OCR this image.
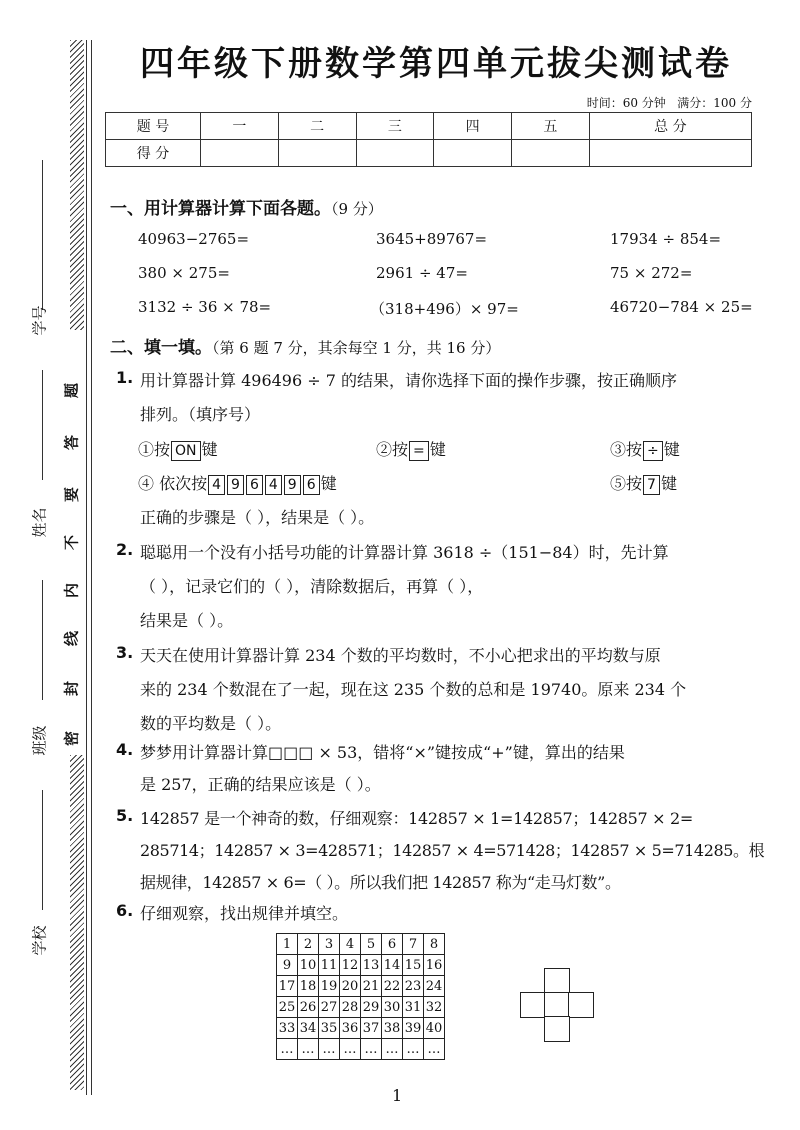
题
答
要
不
内
线
封
密
学号
姓名
班级
学校
四年级下册数学第四单元拔尖测试卷
时间：60 分钟 满分：100 分
题 号	一	二	三	四	五	总 分
得 分						
一、用计算器计算下面各题。（9 分）
40963−2765=	3645+89767=	17934 ÷ 854=
380 × 275=	2961 ÷ 47=	75 × 272=
3132 ÷ 36 × 78=	（318+496）× 97=	46720−784 × 25=
二、填一填。（第 6 题 7 分，其余每空 1 分，共 16 分）
1. 用计算器计算 496496 ÷ 7 的结果，请你选择下面的操作步骤，按正确顺序
排列。（填序号）
①按 ON 键	②按 = 键	③按 ÷ 键
④ 依次按 4 9 6 4 9 6 键	⑤按 7 键
正确的步骤是（ ），结果是（ ）。
2. 聪聪用一个没有小括号功能的计算器计算 3618 ÷（151−84）时，先计算
（ ），记录它们的（ ），清除数据后，再算（ ），
结果是（ ）。
3. 天天在使用计算器计算 234 个数的平均数时，不小心把求出的平均数与原
来的 234 个数混在了一起，现在这 235 个数的总和是 19740。原来 234 个
数的平均数是（ ）。
4. 梦梦用计算器计算□□□ × 53，错将“×”键按成“+”键，算出的结果
是 257，正确的结果应该是（ ）。
5. 142857 是一个神奇的数，仔细观察：142857 × 1=142857；142857 × 2=
285714；142857 × 3=428571；142857 × 4=571428；142857 × 5=714285。根
据规律，142857 × 6=（ ）。所以我们把 142857 称为“走马灯数”。
6. 仔细观察，找出规律并填空。
1	2	3	4	5	6	7	8
9	10	11	12	13	14	15	16
17	18	19	20	21	22	23	24
25	26	27	28	29	30	31	32
33	34	35	36	37	38	39	40
…	…	…	…	…	…	…	…
1
